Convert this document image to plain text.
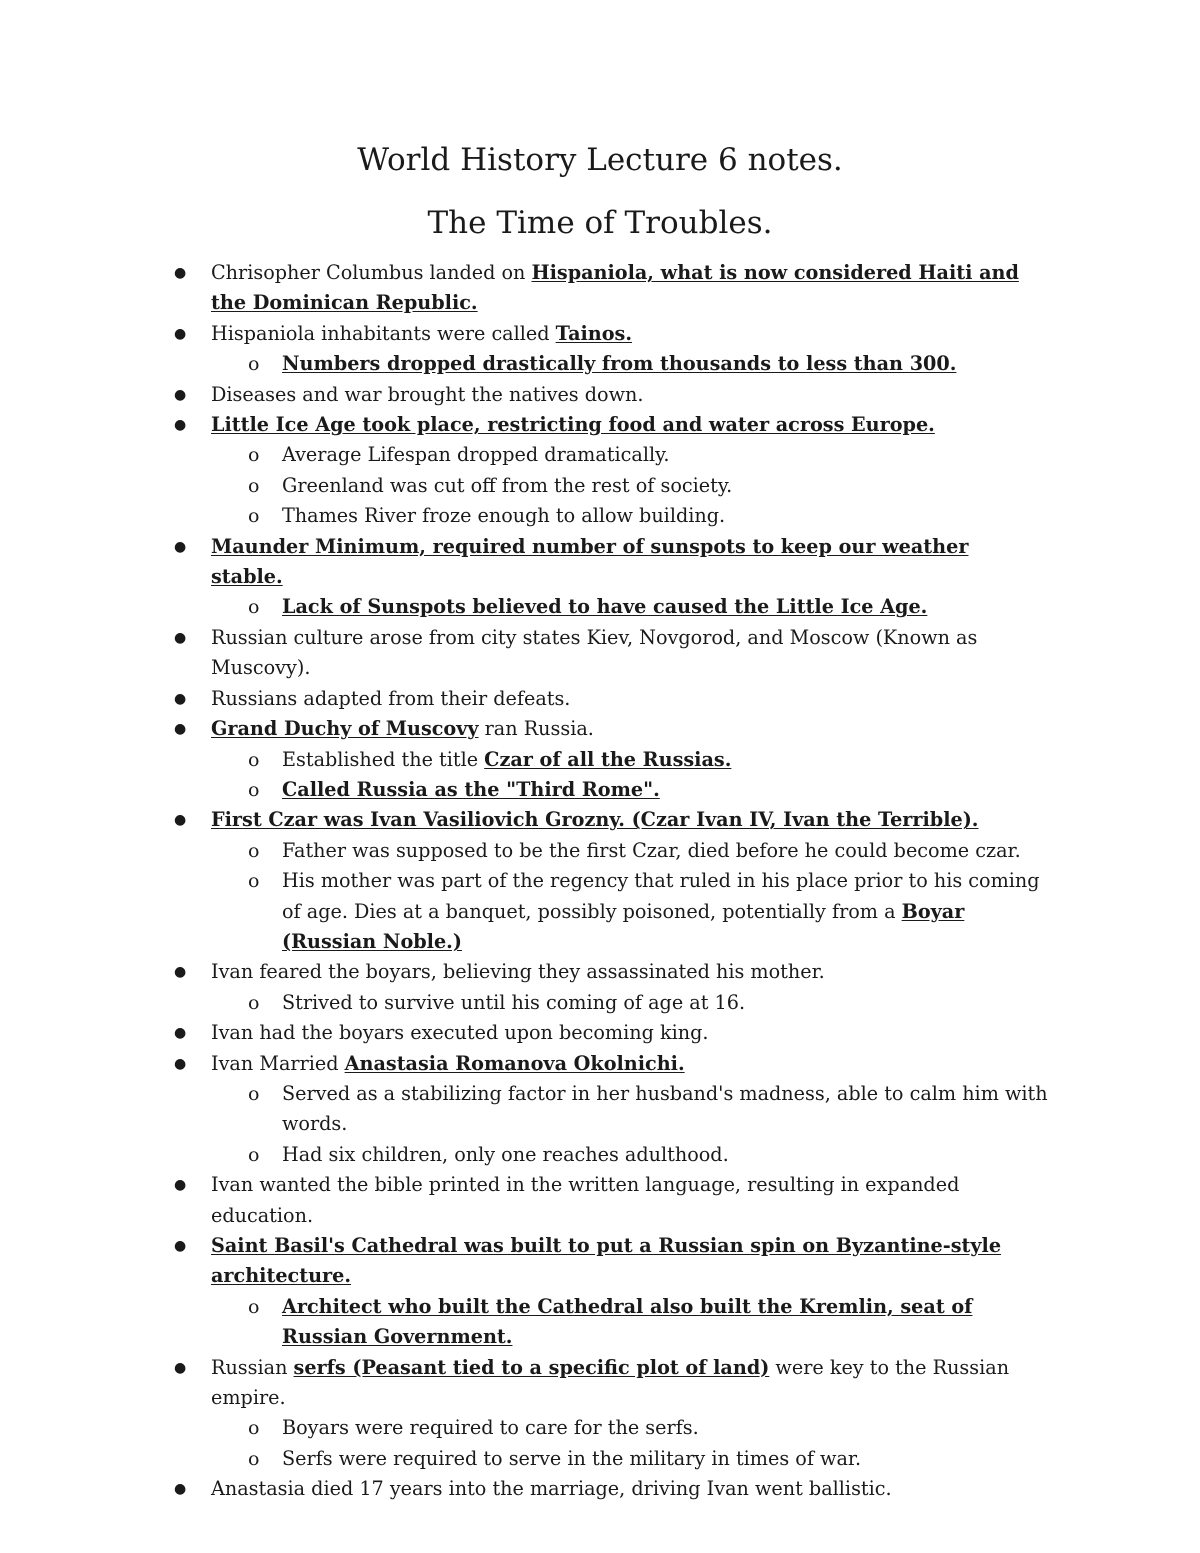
World History Lecture 6 notes.
The Time of Troubles.
● Chrisopher Columbus landed on Hispaniola, what is now considered Haiti and the Dominican Republic.
● Hispaniola inhabitants were called Tainos.
o Numbers dropped drastically from thousands to less than 300.
● Diseases and war brought the natives down.
● Little Ice Age took place, restricting food and water across Europe.
o Average Lifespan dropped dramatically.
o Greenland was cut off from the rest of society.
o Thames River froze enough to allow building.
● Maunder Minimum, required number of sunspots to keep our weather stable.
o Lack of Sunspots believed to have caused the Little Ice Age.
● Russian culture arose from city states Kiev, Novgorod, and Moscow (Known as Muscovy).
● Russians adapted from their defeats.
● Grand Duchy of Muscovy ran Russia.
o Established the title Czar of all the Russias.
o Called Russia as the "Third Rome".
● First Czar was Ivan Vasiliovich Grozny. (Czar Ivan IV, Ivan the Terrible).
o Father was supposed to be the first Czar, died before he could become czar.
o His mother was part of the regency that ruled in his place prior to his coming of age. Dies at a banquet, possibly poisoned, potentially from a Boyar (Russian Noble.)
● Ivan feared the boyars, believing they assassinated his mother.
o Strived to survive until his coming of age at 16.
● Ivan had the boyars executed upon becoming king.
● Ivan Married Anastasia Romanova Okolnichi.
o Served as a stabilizing factor in her husband's madness, able to calm him with words.
o Had six children, only one reaches adulthood.
● Ivan wanted the bible printed in the written language, resulting in expanded education.
● Saint Basil's Cathedral was built to put a Russian spin on Byzantine-style architecture.
o Architect who built the Cathedral also built the Kremlin, seat of Russian Government.
● Russian serfs (Peasant tied to a specific plot of land) were key to the Russian empire.
o Boyars were required to care for the serfs.
o Serfs were required to serve in the military in times of war.
● Anastasia died 17 years into the marriage, driving Ivan went ballistic.
